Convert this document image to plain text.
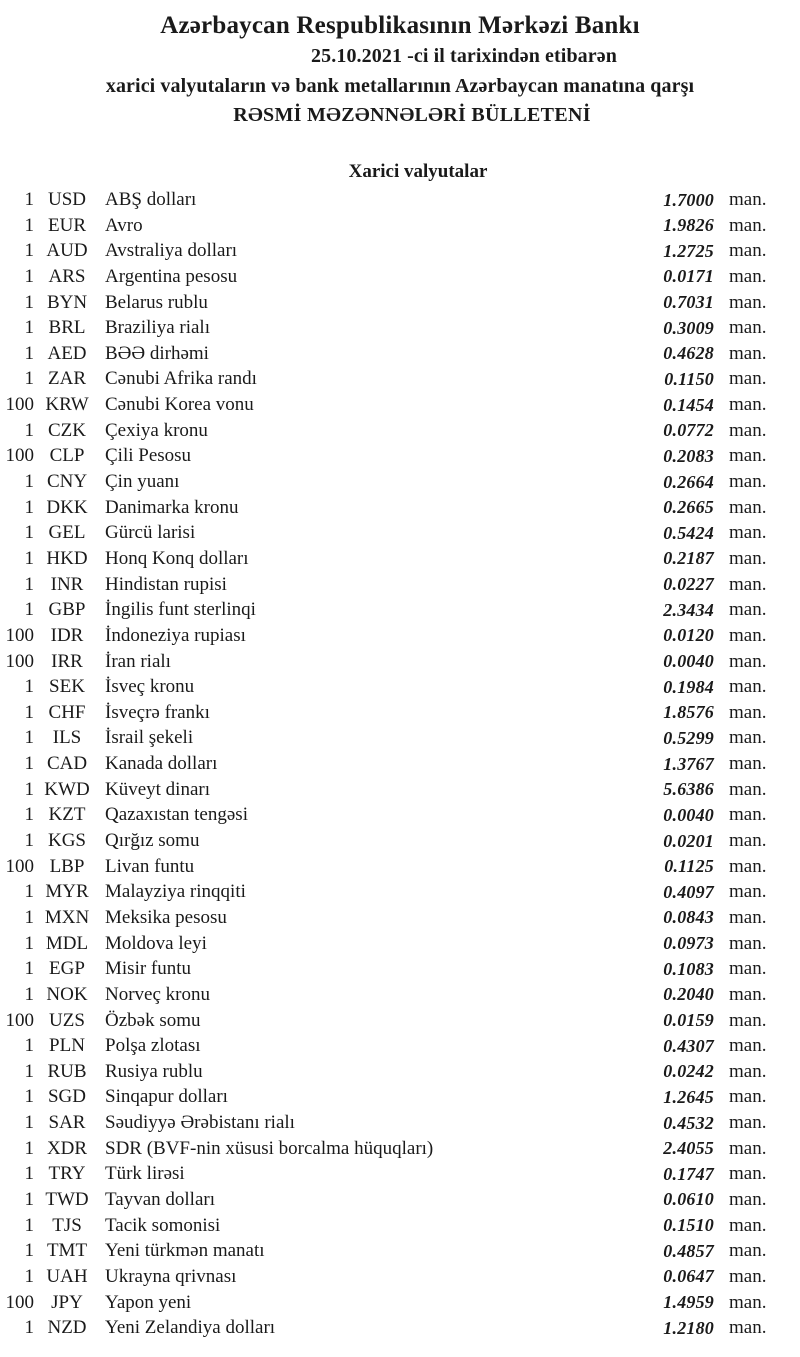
Azərbaycan Respublikasının Mərkəzi Bankı
25.10.2021 -ci il tarixindən etibarən
xarici valyutaların və bank metallarının Azərbaycan manatına qarşı
RƏSMİ MƏZƏNNƏLƏRİ BÜLLETENİ
Xarici valyutalar
1 USD	ABŞ dolları	1.7000 man.
1 EUR	Avro	1.9826 man.
1 AUD Avstraliya dolları	1.2725 man.
1 ARS	Argentina pesosu	0.0171 man.
1 BYN Belarus rublu	0.7031 man.
1 BRL	Braziliya rialı	0.3009 man.
1 AED BƏƏ dirhəmi	0.4628 man.
1 ZAR	Cənubi Afrika randı	0.1150 man.
100 KRW Cənubi Korea vonu	0.1454 man.
1 CZK	Çexiya kronu	0.0772 man.
100 CLP	Çili Pesosu	0.2083 man.
1 CNY Çin yuanı	0.2664 man.
1 DKK Danimarka kronu	0.2665 man.
1 GEL	Gürcü larisi	0.5424 man.
1 HKD Honq Konq dolları	0.2187 man.
1 INR	Hindistan rupisi	0.0227 man.
1 GBP	İngilis funt sterlinqi	2.3434 man.
100 IDR	İndoneziya rupiası	0.0120 man.
100 IRR	İran rialı	0.0040 man.
1 SEK	İsveç kronu	0.1984 man.
1 CHF	İsveçrə frankı	1.8576 man.
1 ILS	İsrail şekeli	0.5299 man.
1 CAD Kanada dolları	1.3767 man.
1 KWD Küveyt dinarı	5.6386 man.
1 KZT	Qazaxıstan tengəsi	0.0040 man.
1 KGS	Qırğız somu	0.0201 man.
100 LBP	Livan funtu	0.1125 man.
1 MYR Malayziya rinqqiti	0.4097 man.
1 MXN Meksika pesosu	0.0843 man.
1 MDL Moldova leyi	0.0973 man.
1 EGP	Misir funtu	0.1083 man.
1 NOK Norveç kronu	0.2040 man.
100 UZS	Özbək somu	0.0159 man.
1 PLN	Polşa zlotası	0.4307 man.
1 RUB Rusiya rublu	0.0242 man.
1 SGD	Sinqapur dolları	1.2645 man.
1 SAR	Səudiyyə Ərəbistanı rialı	0.4532 man.
1 XDR SDR (BVF-nin xüsusi borcalma hüquqları)	2.4055 man.
1 TRY	Türk lirəsi	0.1747 man.
1 TWD Tayvan dolları	0.0610 man.
1 TJS	Tacik somonisi	0.1510 man.
1 TMT Yeni türkmən manatı	0.4857 man.
1 UAH Ukrayna qrivnası	0.0647 man.
100 JPY	Yapon yeni	1.4959 man.
1 NZD Yeni Zelandiya dolları	1.2180 man.
